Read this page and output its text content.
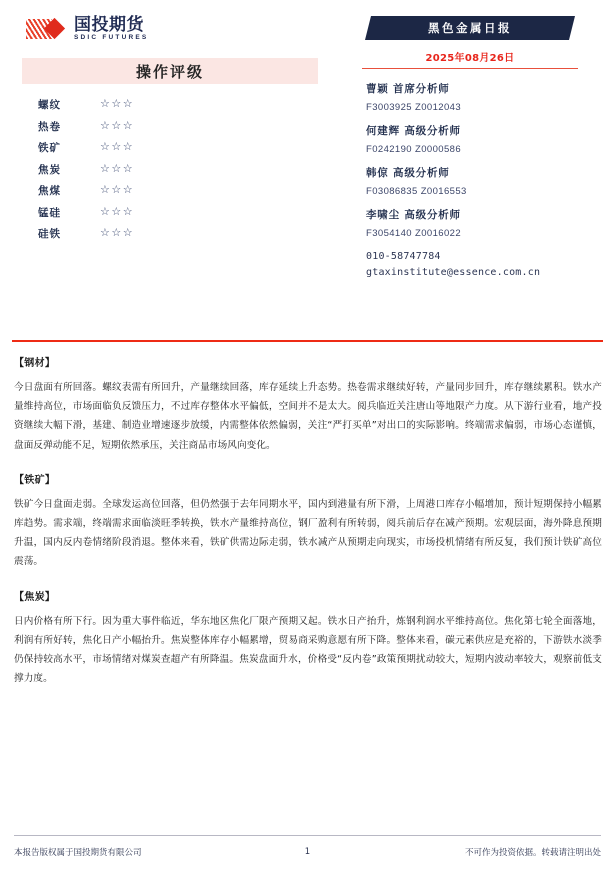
国投期货
SDIC FUTURES
操作评级
螺纹	☆☆☆
热卷	☆☆☆
铁矿	☆☆☆
焦炭	☆☆☆
焦煤	☆☆☆
锰硅	☆☆☆
硅铁	☆☆☆
黑色金属日报
2025年08月26日
曹颖 首席分析师
F3003925 Z0012043
何建辉 高级分析师
F0242190 Z0000586
韩倞 高级分析师
F03086835 Z0016553
李啸尘 高级分析师
F3054140 Z0016022
010-58747784
gtaxinstitute@essence.com.cn
【钢材】
今日盘面有所回落。螺纹表需有所回升，产量继续回落，库存延续上升态势。热卷需求继续好转，产量同步回升，库存继续累积。铁水产量维持高位，市场面临负反馈压力，不过库存整体水平偏低，空间并不是太大。阅兵临近关注唐山等地限产力度。从下游行业看，地产投资继续大幅下滑，基建、制造业增速逐步放缓，内需整体依然偏弱，关注“严打买单”对出口的实际影响。终端需求偏弱，市场心态谨慎，盘面反弹动能不足，短期依然承压，关注商品市场风向变化。
【铁矿】
铁矿今日盘面走弱。全球发运高位回落，但仍然强于去年同期水平，国内到港量有所下滑，上周港口库存小幅增加，预计短期保持小幅累库趋势。需求端，终端需求面临淡旺季转换，铁水产量维持高位，钢厂盈利有所转弱，阅兵前后存在减产预期。宏观层面，海外降息预期升温，国内反内卷情绪阶段消退。整体来看，铁矿供需边际走弱，铁水减产从预期走向现实，市场投机情绪有所反复，我们预计铁矿高位震荡。
【焦炭】
日内价格有所下行。因为重大事件临近，华东地区焦化厂限产预期又起。铁水日产抬升，炼钢利润水平维持高位。焦化第七轮全面落地，利润有所好转，焦化日产小幅抬升。焦炭整体库存小幅累增，贸易商采购意愿有所下降。整体来看，碳元素供应是充裕的，下游铁水淡季仍保持较高水平，市场情绪对煤炭查超产有所降温。焦炭盘面升水，价格受“反内卷”政策预期扰动较大，短期内波动率较大，观察前低支撑力度。
本报告版权属于国投期货有限公司	1	不可作为投资依据。转载请注明出处
